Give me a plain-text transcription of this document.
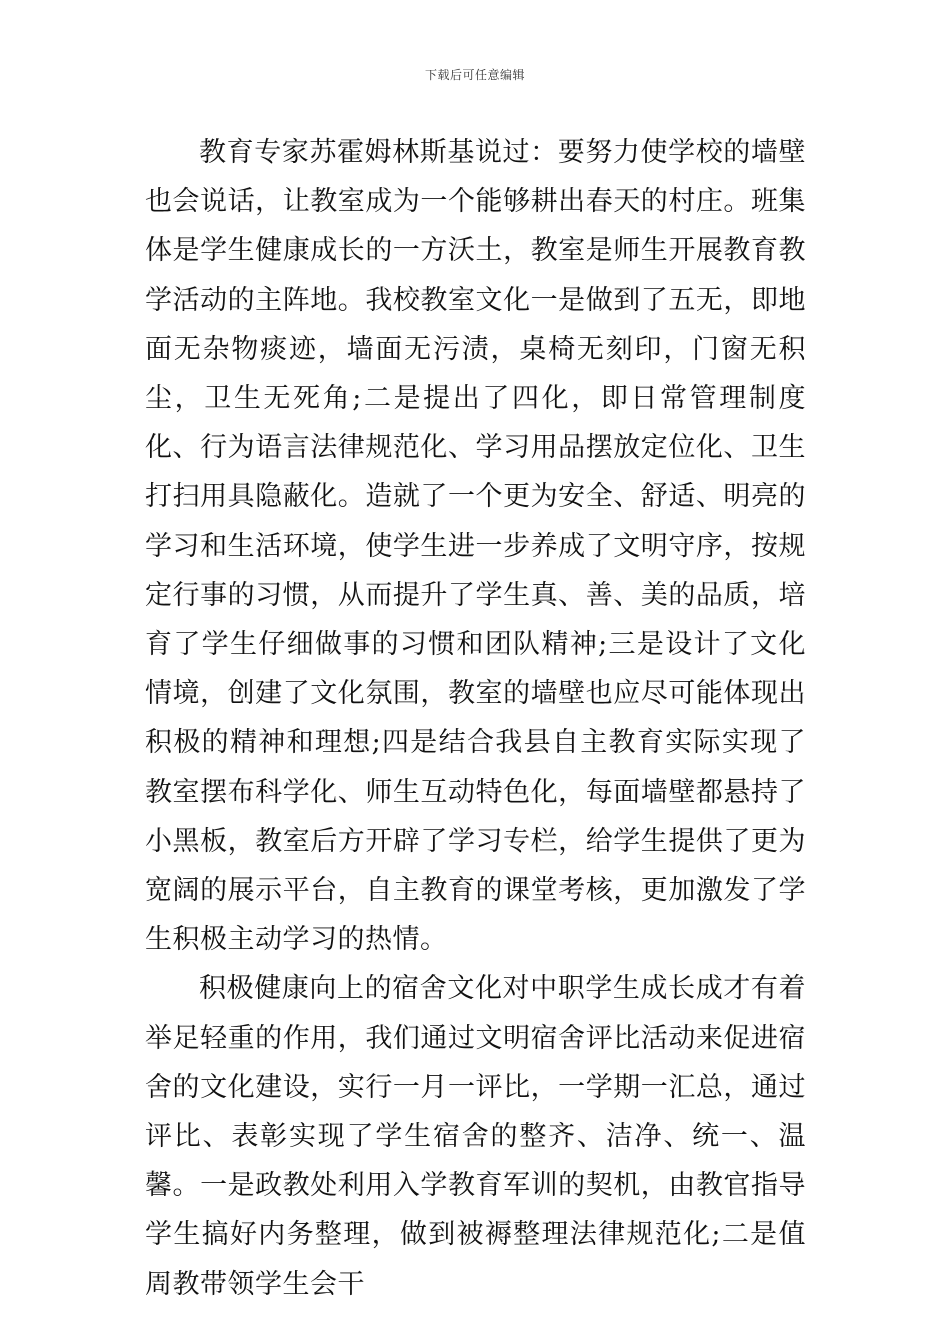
下载后可任意编辑

教育专家苏霍姆林斯基说过：要努力使学校的墙壁也会说话，让教室成为一个能够耕出春天的村庄。班集体是学生健康成长的一方沃土，教室是师生开展教育教学活动的主阵地。我校教室文化一是做到了五无，即地面无杂物痰迹，墙面无污渍，桌椅无刻印，门窗无积尘，卫生无死角;二是提出了四化，即日常管理制度化、行为语言法律规范化、学习用品摆放定位化、卫生打扫用具隐蔽化。造就了一个更为安全、舒适、明亮的学习和生活环境，使学生进一步养成了文明守序，按规定行事的习惯，从而提升了学生真、善、美的品质，培育了学生仔细做事的习惯和团队精神;三是设计了文化情境，创建了文化氛围，教室的墙壁也应尽可能体现出积极的精神和理想;四是结合我县自主教育实际实现了教室摆布科学化、师生互动特色化，每面墙壁都悬持了小黑板，教室后方开辟了学习专栏，给学生提供了更为宽阔的展示平台，自主教育的课堂考核，更加激发了学生积极主动学习的热情。

积极健康向上的宿舍文化对中职学生成长成才有着举足轻重的作用，我们通过文明宿舍评比活动来促进宿舍的文化建设，实行一月一评比，一学期一汇总，通过评比、表彰实现了学生宿舍的整齐、洁净、统一、温馨。一是政教处利用入学教育军训的契机，由教官指导学生搞好内务整理，做到被褥整理法律规范化;二是值周教带领学生会干
